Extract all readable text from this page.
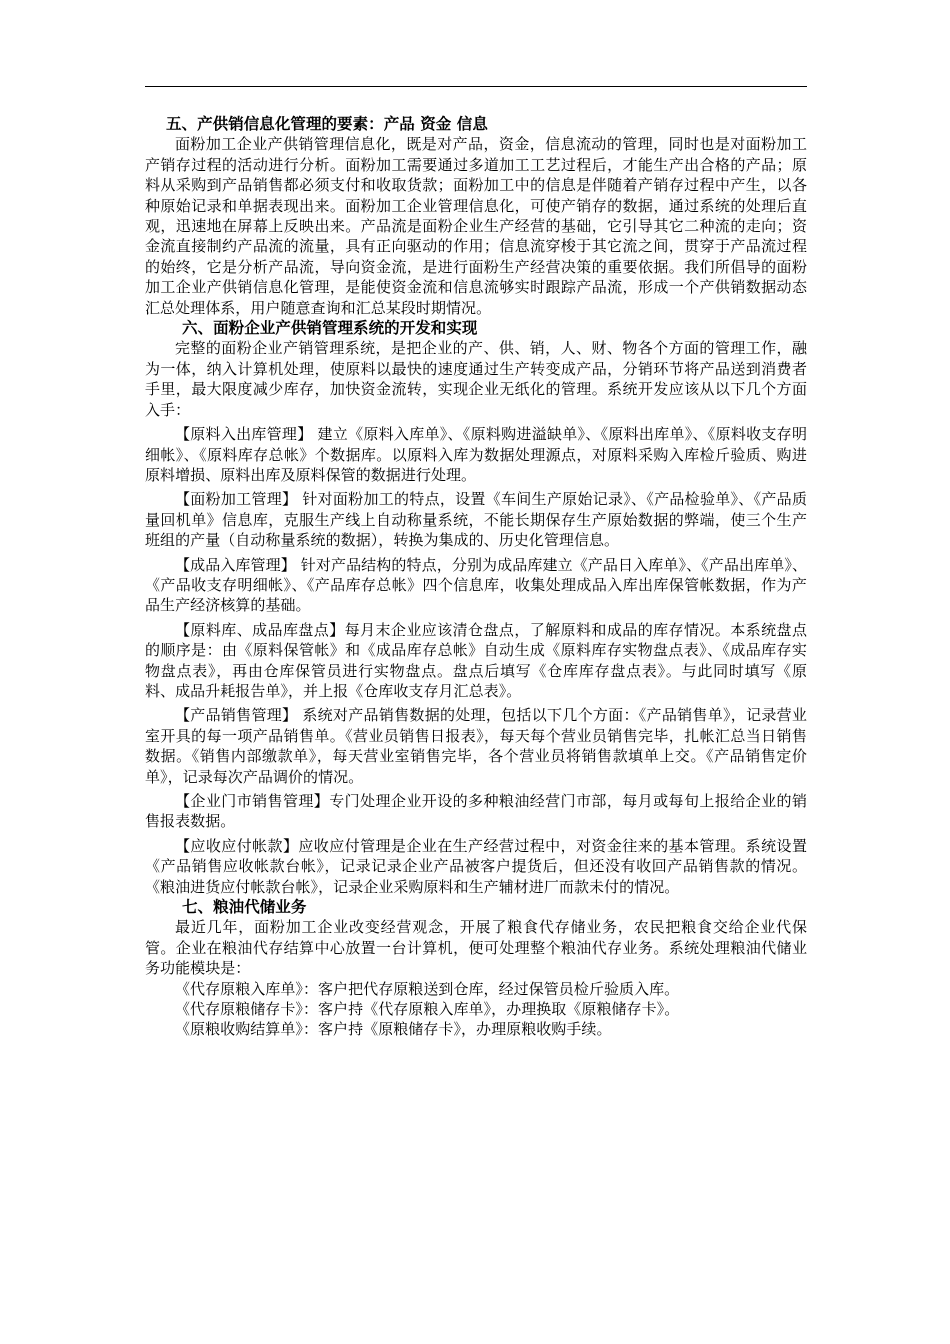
五、产供销信息化管理的要素：产品 资金 信息

面粉加工企业产供销管理信息化，既是对产品，资金，信息流动的管理，同时也是对面粉加工产销存过程的活动进行分析。面粉加工需要通过多道加工工艺过程后，才能生产出合格的产品；原料从采购到产品销售都必须支付和收取货款；面粉加工中的信息是伴随着产销存过程中产生，以各种原始记录和单据表现出来。面粉加工企业管理信息化，可使产销存的数据，通过系统的处理后直观，迅速地在屏幕上反映出来。产品流是面粉企业生产经营的基础，它引导其它二种流的走向；资金流直接制约产品流的流量，具有正向驱动的作用；信息流穿梭于其它流之间，贯穿于产品流过程的始终，它是分析产品流，导向资金流，是进行面粉生产经营决策的重要依据。我们所倡导的面粉加工企业产供销信息化管理，是能使资金流和信息流够实时跟踪产品流，形成一个产供销数据动态汇总处理体系，用户随意查询和汇总某段时期情况。

六、面粉企业产供销管理系统的开发和实现

完整的面粉企业产销管理系统，是把企业的产、供、销，人、财、物各个方面的管理工作，融为一体，纳入计算机处理，使原料以最快的速度通过生产转变成产品，分销环节将产品送到消费者手里，最大限度减少库存，加快资金流转，实现企业无纸化的管理。系统开发应该从以下几个方面入手：

【原料入出库管理】 建立《原料入库单》、《原料购进溢缺单》、《原料出库单》、《原料收支存明细帐》、《原料库存总帐》个数据库。以原料入库为数据处理源点，对原料采购入库检斤验质、购进原料增损、原料出库及原料保管的数据进行处理。

【面粉加工管理】 针对面粉加工的特点，设置《车间生产原始记录》、《产品检验单》、《产品质量回机单》信息库，克服生产线上自动称量系统，不能长期保存生产原始数据的弊端，使三个生产班组的产量（自动称量系统的数据），转换为集成的、历史化管理信息。

【成品入库管理】 针对产品结构的特点，分别为成品库建立《产品日入库单》、《产品出库单》、《产品收支存明细帐》、《产品库存总帐》四个信息库，收集处理成品入库出库保管帐数据，作为产品生产经济核算的基础。

【原料库、成品库盘点】每月末企业应该清仓盘点，了解原料和成品的库存情况。本系统盘点的顺序是：由《原料保管帐》和《成品库存总帐》自动生成《原料库存实物盘点表》、《成品库存实物盘点表》，再由仓库保管员进行实物盘点。盘点后填写《仓库库存盘点表》。与此同时填写《原料、成品升耗报告单》，并上报《仓库收支存月汇总表》。

【产品销售管理】 系统对产品销售数据的处理，包括以下几个方面：《产品销售单》，记录营业室开具的每一项产品销售单。《营业员销售日报表》，每天每个营业员销售完毕，扎帐汇总当日销售数据。《销售内部缴款单》，每天营业室销售完毕，各个营业员将销售款填单上交。《产品销售定价单》，记录每次产品调价的情况。

【企业门市销售管理】专门处理企业开设的多种粮油经营门市部，每月或每旬上报给企业的销售报表数据。

【应收应付帐款】应收应付管理是企业在生产经营过程中，对资金往来的基本管理。系统设置《产品销售应收帐款台帐》，记录记录企业产品被客户提货后，但还没有收回产品销售款的情况。《粮油进货应付帐款台帐》，记录企业采购原料和生产辅材进厂而款未付的情况。

七、粮油代储业务

最近几年，面粉加工企业改变经营观念，开展了粮食代存储业务，农民把粮食交给企业代保管。企业在粮油代存结算中心放置一台计算机，便可处理整个粮油代存业务。系统处理粮油代储业务功能模块是：

《代存原粮入库单》：客户把代存原粮送到仓库，经过保管员检斤验质入库。

《代存原粮储存卡》：客户持《代存原粮入库单》，办理换取《原粮储存卡》。

《原粮收购结算单》：客户持《原粮储存卡》，办理原粮收购手续。
